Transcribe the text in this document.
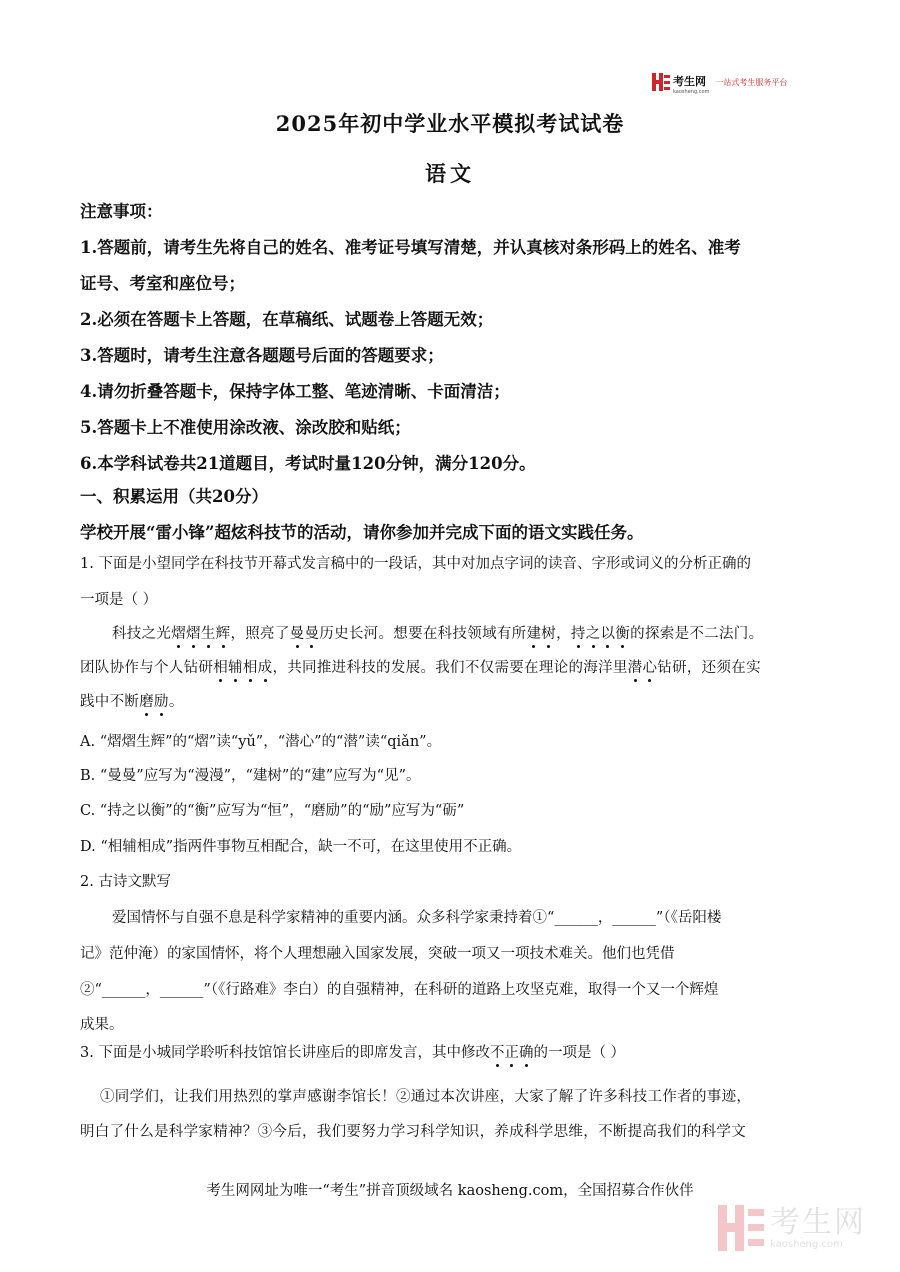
考生网
kaosheng.com
一站式考生服务平台
2025年初中学业水平模拟考试试卷
语文
注意事项：
1.答题前，请考生先将自己的姓名、准考证号填写清楚，并认真核对条形码上的姓名、准考
证号、考室和座位号；
2.必须在答题卡上答题，在草稿纸、试题卷上答题无效；
3.答题时，请考生注意各题题号后面的答题要求；
4.请勿折叠答题卡，保持字体工整、笔迹清晰、卡面清洁；
5.答题卡上不准使用涂改液、涂改胶和贴纸；
6.本学科试卷共21道题目，考试时量120分钟，满分120分。
一、积累运用（共20分）
学校开展“雷小锋”超炫科技节的活动，请你参加并完成下面的语文实践任务。
1. 下面是小望同学在科技节开幕式发言稿中的一段话，其中对加点字词的读音、字形或词义的分析正确的
一项是（ ）
科技之光熠熠生辉，照亮了曼曼历史长河。想要在科技领域有所建树，持之以衡的探索是不二法门。
团队协作与个人钻研相辅相成，共同推进科技的发展。我们不仅需要在理论的海洋里潜心钻研，还须在实
践中不断磨励。
A. “熠熠生辉”的“熠”读“yǔ”，“潜心”的“潜”读“qiǎn”。
B. “曼曼”应写为“漫漫”，“建树”的“建”应写为“见”。
C. “持之以衡”的“衡”应写为“恒”，“磨励”的“励”应写为“砺”
D. “相辅相成”指两件事物互相配合，缺一不可，在这里使用不正确。
2. 古诗文默写
爱国情怀与自强不息是科学家精神的重要内涵。众多科学家秉持着①“______，______”（《岳阳楼
记》范仲淹）的家国情怀，将个人理想融入国家发展，突破一项又一项技术难关。他们也凭借
②“______，______”（《行路难》李白）的自强精神，在科研的道路上攻坚克难，取得一个又一个辉煌
成果。
3. 下面是小城同学聆听科技馆馆长讲座后的即席发言，其中修改不正确的一项是（ ）
①同学们，让我们用热烈的掌声感谢李馆长！②通过本次讲座，大家了解了许多科技工作者的事迹，
明白了什么是科学家精神？③今后，我们要努力学习科学知识，养成科学思维，不断提高我们的科学文
考生网网址为唯一“考生”拼音顶级域名 kaosheng.com，全国招募合作伙伴
考生网
kaosheng.com
